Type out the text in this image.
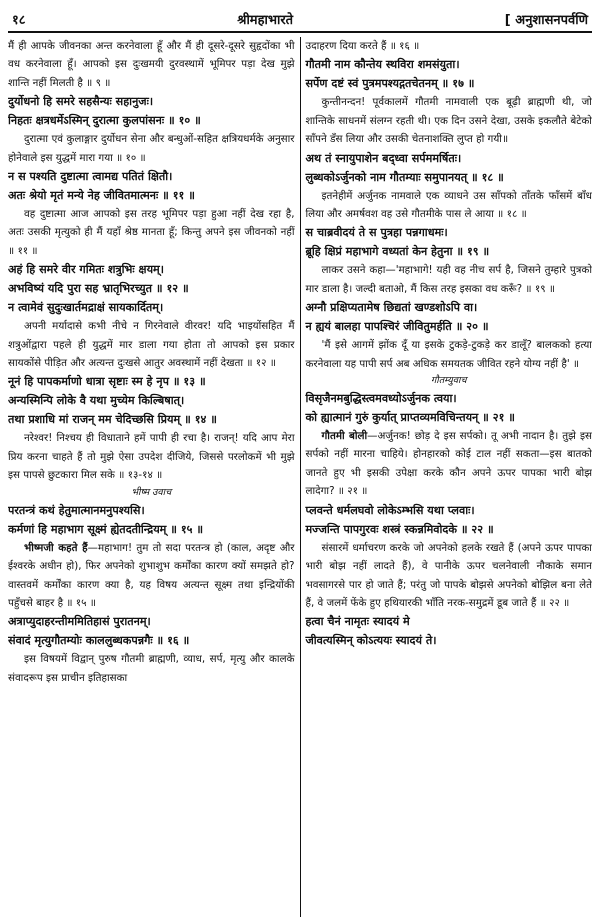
१८	श्रीमहाभारते	[ अनुशासनपर्वणि

मैं ही आपके जीवनका अन्त करनेवाला हूँ और मैं ही दूसरे-दूसरे सुहृदोंका भी वध करनेवाला हूँ। आपको इस दुःखमयी दुरवस्थामें भूमिपर पड़ा देख मुझे शान्ति नहीं मिलती है ॥ ९ ॥

दुर्योधनो हि समरे सहसैन्यः सहानुजः।

निहतः क्षत्रधर्मेऽस्मिन् दुरात्मा कुलपांसनः ॥ १० ॥

दुरात्मा एवं कुलाङ्गार दुर्योधन सेना और बन्धुओं-सहित क्षत्रियधर्मके अनुसार होनेवाले इस युद्धमें मारा गया ॥ १० ॥

न स पश्यति दुष्टात्मा त्वामद्य पतितं क्षितौ।

अतः श्रेयो मृतं मन्ये नेह जीवितमात्मनः ॥ ११ ॥

वह दुष्टात्मा आज आपको इस तरह भूमिपर पड़ा हुआ नहीं देख रहा है, अतः उसकी मृत्युको ही मैं यहाँ श्रेष्ठ मानता हूँ; किन्तु अपने इस जीवनको नहीं ॥ ११ ॥

अहं हि समरे वीर गमितः शत्रुभिः क्षयम्।

अभविष्यं यदि पुरा सह भ्रातृभिरच्युत ॥ १२ ॥

न त्वामेवं सुदुःखार्तमद्राक्षं सायकार्दितम्।

अपनी मर्यादासे कभी नीचे न गिरनेवाले वीरवर! यदि भाइयोंसहित मैं शत्रुओंद्वारा पहले ही युद्धमें मार डाला गया होता तो आपको इस प्रकार सायकोंसे पीड़ित और अत्यन्त दुःखसे आतुर अवस्थामें नहीं देखता ॥ १२ ॥

नूनं हि पापकर्माणो धात्रा सृष्टाः स्म हे नृप ॥ १३ ॥

अन्यस्मिन्पि लोके वै यथा मुच्येम किल्बिषात्।

तथा प्रशाधि मां राजन् मम चेदिच्छसि प्रियम् ॥ १४ ॥

नरेश्वर! निश्चय ही विधाताने हमें पापी ही रचा है। राजन्! यदि आप मेरा प्रिय करना चाहते हैं तो मुझे ऐसा उपदेश दीजिये, जिससे परलोकमें भी मुझे इस पापसे छुटकारा मिल सके ॥ १३-१४ ॥

भीष्म उवाच

परतन्त्रं कथं हेतुमात्मानमनुपश्यसि।

कर्मणां हि महाभाग सूक्ष्मं ह्येतदतीन्द्रियम् ॥ १५ ॥

भीष्मजी कहते हैं—महाभाग! तुम तो सदा परतन्त्र हो (काल, अदृष्ट और ईश्वरके अधीन हो), फिर अपनेको शुभाशुभ कर्मोंका कारण क्यों समझते हो? वास्तवमें कर्मोंका कारण क्या है, यह विषय अत्यन्त सूक्ष्म तथा इन्द्रियोंकी पहुँचसे बाहर है ॥ १५ ॥

अत्राप्युदाहरन्तीममितिहासं पुरातनम्।

संवादं मृत्युगौतम्योः काललुब्धकपन्नगैः ॥ १६ ॥

इस विषयमें विद्वान् पुरुष गौतमी ब्राह्मणी, व्याध, सर्प, मृत्यु और कालके संवादरूप इस प्राचीन इतिहासका

उदाहरण दिया करते हैं ॥ १६ ॥

गौतमी नाम कौन्तेय स्थविरा शमसंयुता।

सर्पेण दष्टं स्वं पुत्रमपश्यद्गतचेतनम् ॥ १७ ॥

कुन्तीनन्दन! पूर्वकालमें गौतमी नामवाली एक बूढ़ी ब्राह्मणी थी, जो शान्तिके साधनमें संलग्न रहती थी। एक दिन उसने देखा, उसके इकलौते बेटेको साँपने डँस लिया और उसकी चेतनाशक्ति लुप्त हो गयी॥

अथ तं स्नायुपाशेन बद्ध्वा सर्पममर्षितः।

लुब्धकोऽर्जुनको नाम गौतम्याः समुपानयत् ॥ १८ ॥

इतनेहीमें अर्जुनक नामवाले एक व्याधने उस साँपको ताँतके फाँसमें बाँध लिया और अमर्षवश वह उसे गौतमीके पास ले आया ॥ १८ ॥

स चाब्रवीदयं ते स पुत्रहा पन्नगाधमः।

ब्रूहि क्षिप्रं महाभागे वध्यतां केन हेतुना ॥ १९ ॥

लाकर उसने कहा—'महाभागे! यही वह नीच सर्प है, जिसने तुम्हारे पुत्रको मार डाला है। जल्दी बताओ, मैं किस तरह इसका वध करूँ? ॥ १९ ॥

अग्नौ प्रक्षिप्यतामेष छिद्यतां खण्डशोऽपि वा।

न ह्ययं बालहा पापश्चिरं जीवितुमर्हति ॥ २० ॥

'मैं इसे आगमें झोंक दूँ या इसके टुकड़े-टुकड़े कर डालूँ? बालकको हत्या करनेवाला यह पापी सर्प अब अधिक समयतक जीवित रहने योग्य नहीं है' ॥

गौतम्युवाच

विसृजैनमबुद्धिस्त्वमवध्योऽर्जुनक त्वया।

को ह्यात्मानं गुरुं कुर्यात् प्राप्तव्यमविचिन्तयन् ॥ २१ ॥

गौतमी बोली—अर्जुनक! छोड़ दे इस सर्पको। तू अभी नादान है। तुझे इस सर्पको नहीं मारना चाहिये। होनहारको कोई टाल नहीं सकता—इस बातको जानते हुए भी इसकी उपेक्षा करके कौन अपने ऊपर पापका भारी बोझ लादेगा? ॥ २१ ॥

प्लवन्ते धर्मलघवो लोकेऽम्भसि यथा प्लवाः।

मज्जन्ति पापगुरवः शस्त्रं स्कन्नमिवोदके ॥ २२ ॥

संसारमें धर्माचरण करके जो अपनेको हलके रखते हैं (अपने ऊपर पापका भारी बोझ नहीं लादते हैं), वे पानीके ऊपर चलनेवाली नौकाके समान भवसागरसे पार हो जाते हैं; परंतु जो पापके बोझसे अपनेको बोझिल बना लेते हैं, वे जलमें फेंके हुए हथियारकी भाँति नरक-समुद्रमें डूब जाते हैं ॥ २२ ॥

हत्वा चैनं नामृतः स्यादयं मे

जीवत्यस्मिन् कोऽत्ययः स्यादयं ते।
